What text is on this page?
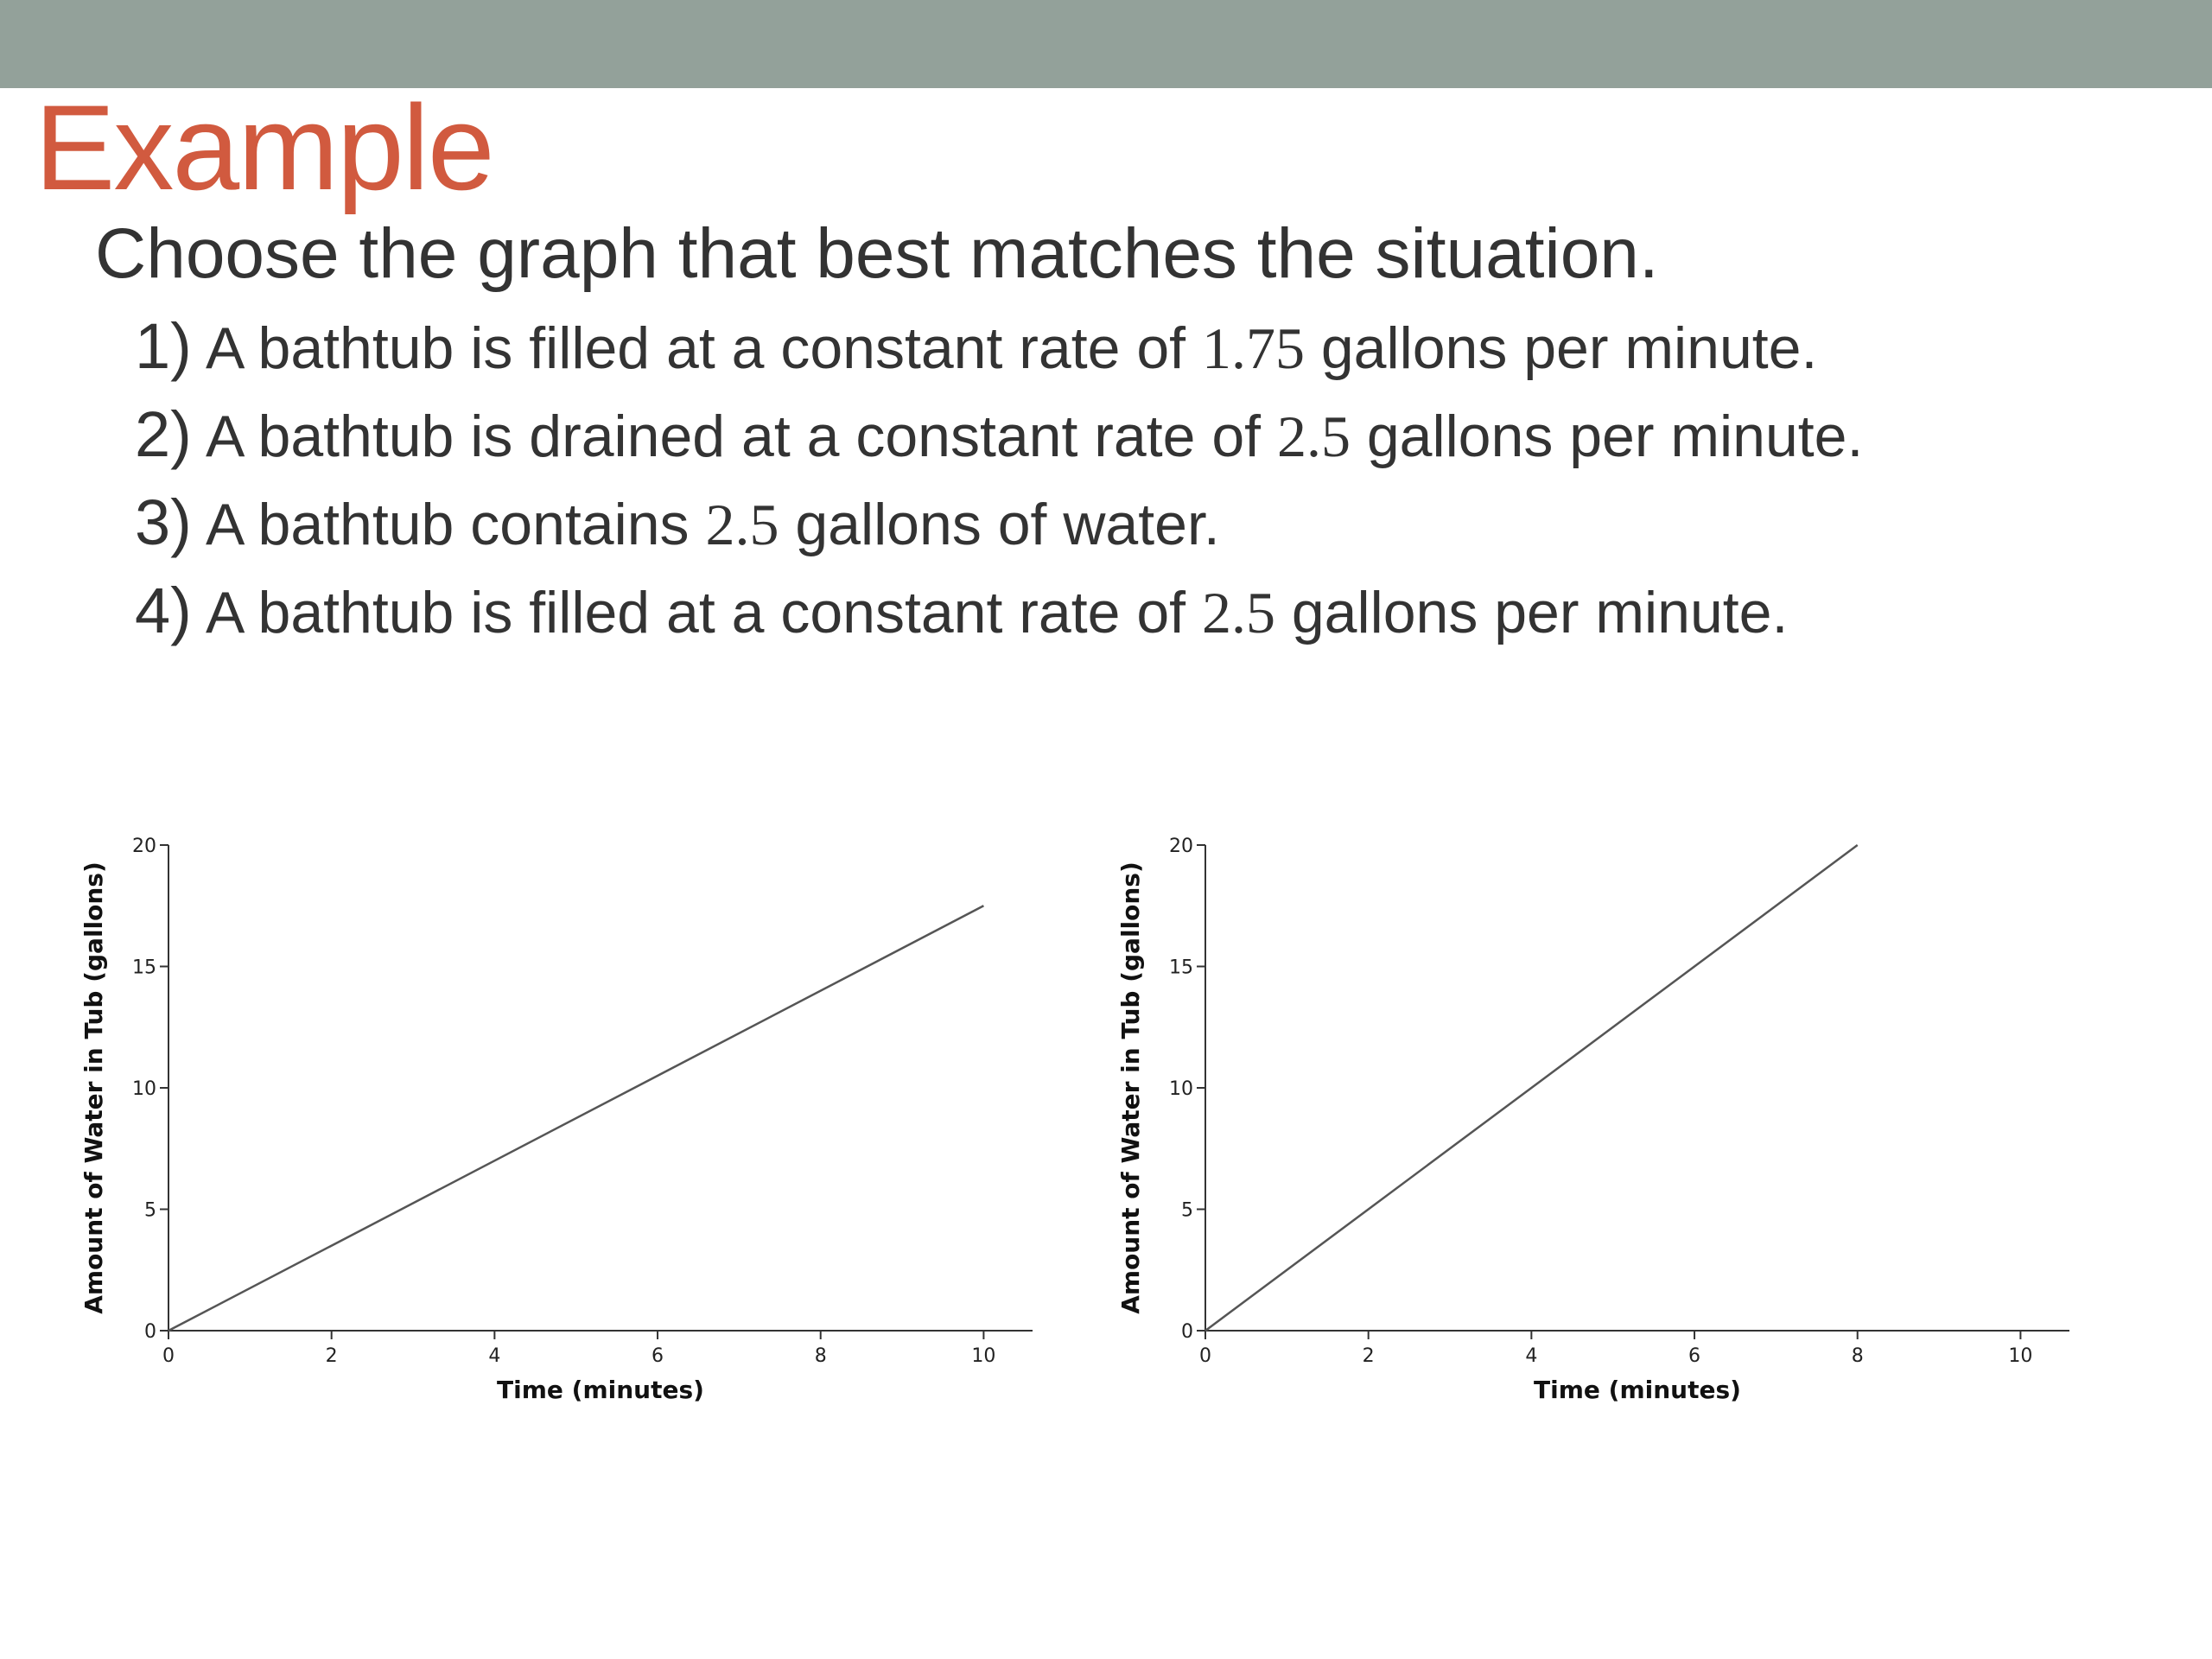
Example
Choose the graph that best matches the situation.
1) A bathtub is filled at a constant rate of 1.75 gallons per minute.
2) A bathtub is drained at a constant rate of 2.5 gallons per minute.
3) A bathtub contains 2.5 gallons of water.
4) A bathtub is filled at a constant rate of 2.5 gallons per minute.
0
5
10
15
20
0	2	4	6	8	10
Time (minutes)
Amount of Water in Tub (gallons)
0
5
10
15
20
0	2	4	6	8	10
Time (minutes)
Amount of Water in Tub (gallons)
